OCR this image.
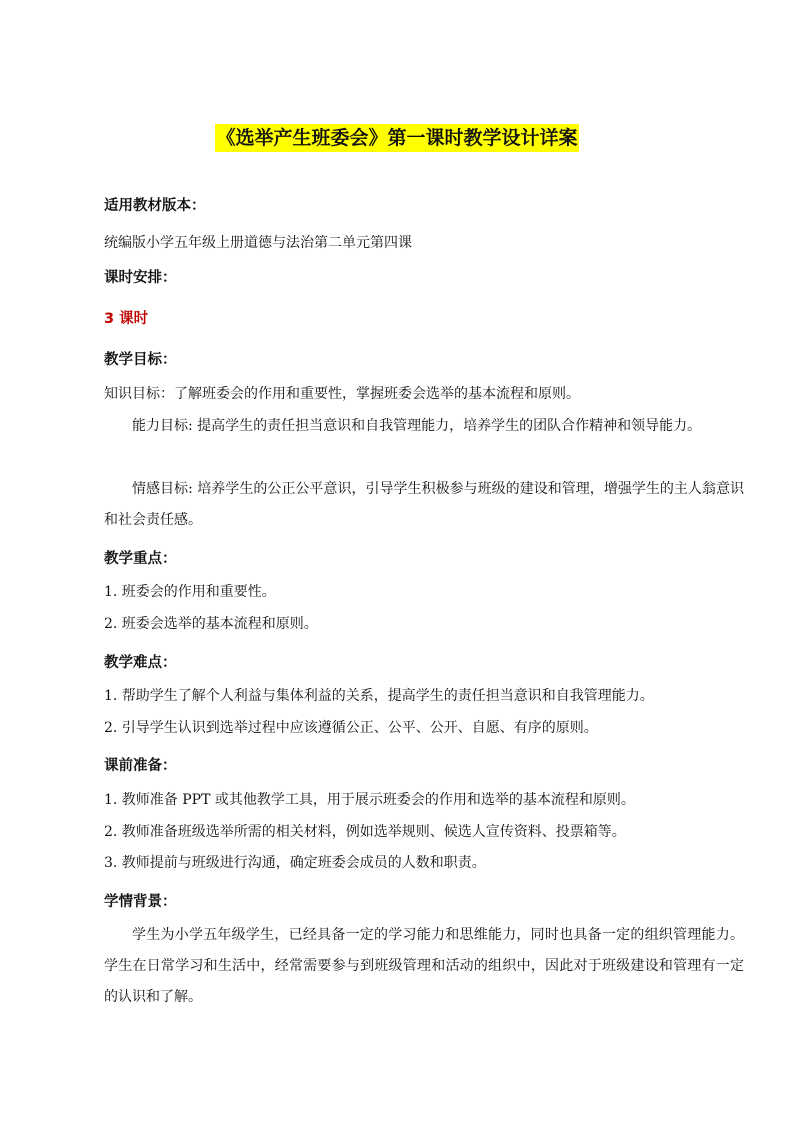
《选举产生班委会》第一课时教学设计详案
适用教材版本：
统编版小学五年级上册道德与法治第二单元第四课
课时安排：
3 课时
教学目标：
知识目标：了解班委会的作用和重要性，掌握班委会选举的基本流程和原则。
能力目标: 提高学生的责任担当意识和自我管理能力，培养学生的团队合作精神和领导能力。
情感目标: 培养学生的公正公平意识，引导学生积极参与班级的建设和管理，增强学生的主人翁意识和社会责任感。
教学重点：
1. 班委会的作用和重要性。
2. 班委会选举的基本流程和原则。
教学难点：
1. 帮助学生了解个人利益与集体利益的关系，提高学生的责任担当意识和自我管理能力。
2. 引导学生认识到选举过程中应该遵循公正、公平、公开、自愿、有序的原则。
课前准备：
1. 教师准备 PPT 或其他教学工具，用于展示班委会的作用和选举的基本流程和原则。
2. 教师准备班级选举所需的相关材料，例如选举规则、候选人宣传资料、投票箱等。
3. 教师提前与班级进行沟通，确定班委会成员的人数和职责。
学情背景：
学生为小学五年级学生，已经具备一定的学习能力和思维能力，同时也具备一定的组织管理能力。学生在日常学习和生活中，经常需要参与到班级管理和活动的组织中，因此对于班级建设和管理有一定的认识和了解。
